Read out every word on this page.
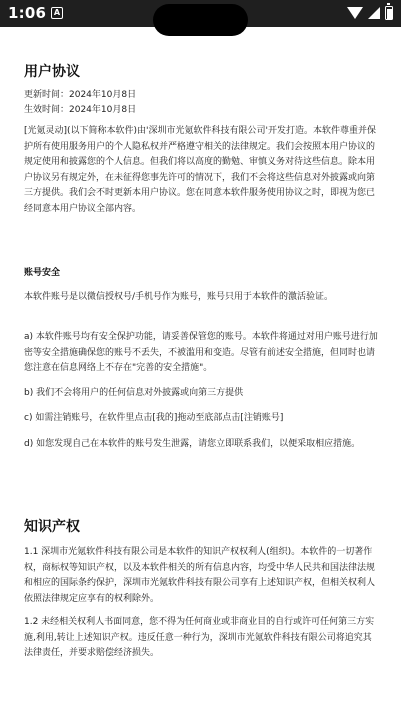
1:06 A
用户协议
更新时间：2024年10月8日
生效时间：2024年10月8日

[光氪灵动](以下简称本软件)由'深圳市光氪软件科技有限公司'开发打造。本软件尊重并保护所有使用服务用户的个人隐私权并严格遵守相关的法律规定。我们会按照本用户协议的规定使用和披露您的个人信息。但我们将以高度的勤勉、审慎义务对待这些信息。除本用户协议另有规定外，在未征得您事先许可的情况下，我们不会将这些信息对外披露或向第三方提供。我们会不时更新本用户协议。您在同意本软件服务使用协议之时，即视为您已经同意本用户协议全部内容。

账号安全

本软件账号是以微信授权号/手机号作为账号，账号只用于本软件的激活验证。

a) 本软件账号均有安全保护功能，请妥善保管您的账号。本软件将通过对用户账号进行加密等安全措施确保您的账号不丢失，不被滥用和变造。尽管有前述安全措施，但同时也请您注意在信息网络上不存在"完善的安全措施"。

b) 我们不会将用户的任何信息对外披露或向第三方提供

c) 如需注销账号，在软件里点击[我的]拖动至底部点击[注销账号]

d) 如您发现自己在本软件的账号发生泄露，请您立即联系我们，以便采取相应措施。

知识产权

1.1 深圳市光氪软件科技有限公司是本软件的知识产权权利人(组织)。本软件的一切著作权，商标权等知识产权，以及本软件相关的所有信息内容，均受中华人民共和国法律法规和相应的国际条约保护，深圳市光氪软件科技有限公司享有上述知识产权，但相关权利人依照法律规定应享有的权利除外。

1.2 未经相关权利人书面同意，您不得为任何商业或非商业目的自行或许可任何第三方实施,利用,转让上述知识产权。违反任意一种行为，深圳市光氪软件科技有限公司将追究其法律责任，并要求赔偿经济损失。
